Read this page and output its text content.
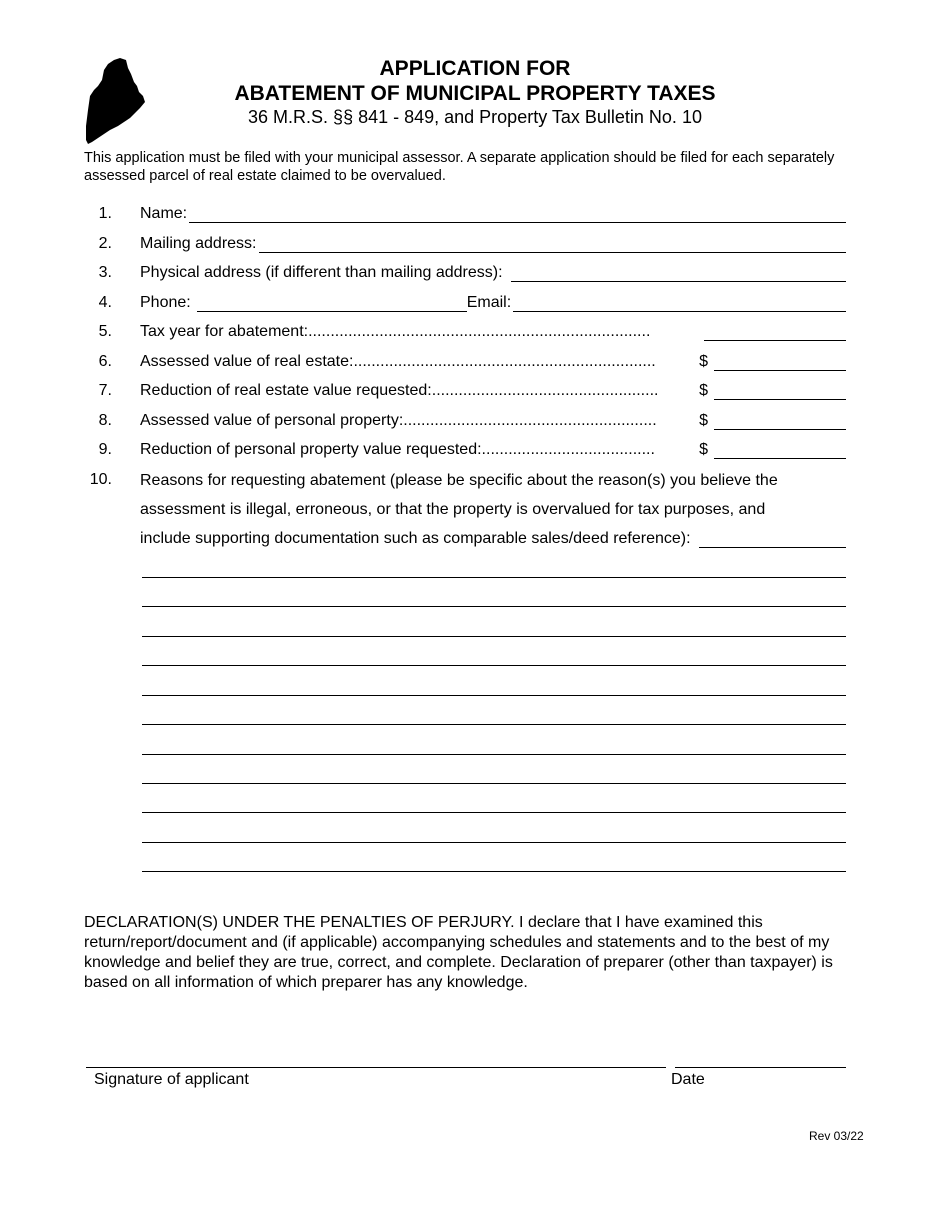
APPLICATION FOR
ABATEMENT OF MUNICIPAL PROPERTY TAXES
36 M.R.S. §§ 841 - 849, and Property Tax Bulletin No. 10
This application must be filed with your municipal assessor. A separate application should be filed for each separately assessed parcel of real estate claimed to be overvalued.
1. Name:
2. Mailing address:
3. Physical address (if different than mailing address):
4. Phone:	Email:
5. Tax year for abatement: .............................................................................
6. Assessed value of real estate: ....................................................................	$
7. Reduction of real estate value requested: ...................................................	$
8. Assessed value of personal property: .........................................................	$
9. Reduction of personal property value requested: .......................................	$
10. Reasons for requesting abatement (please be specific about the reason(s) you believe the
assessment is illegal, erroneous, or that the property is overvalued for tax purposes, and
include supporting documentation such as comparable sales/deed reference):
DECLARATION(S) UNDER THE PENALTIES OF PERJURY. I declare that I have examined this return/report/document and (if applicable) accompanying schedules and statements and to the best of my knowledge and belief they are true, correct, and complete. Declaration of preparer (other than taxpayer) is based on all information of which preparer has any knowledge.
Signature of applicant	Date
Rev 03/22
